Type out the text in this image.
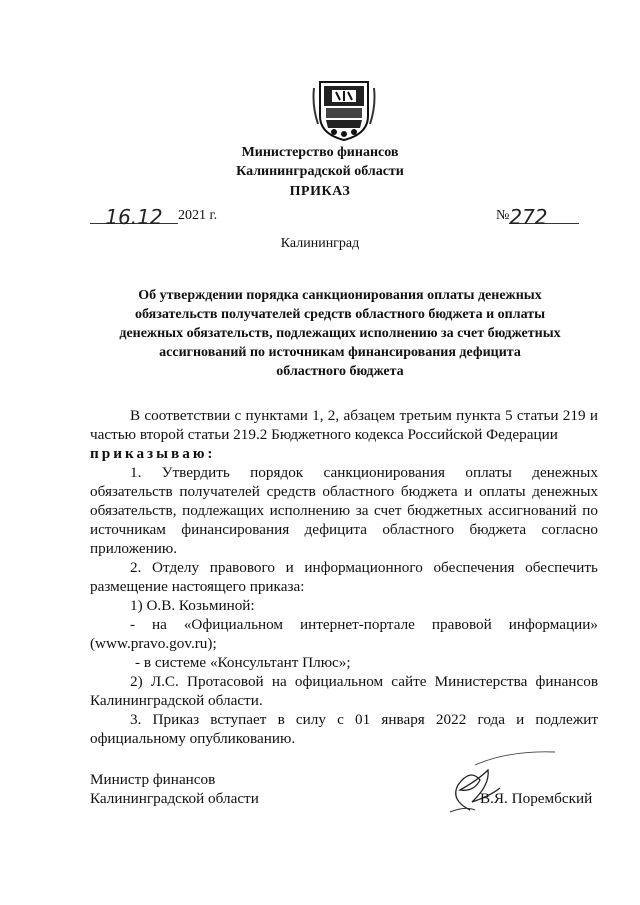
Министерство финансов
Калининградской области
ПРИКАЗ
16.12 2021 г.	№272
Калининград
Об утверждении порядка санкционирования оплаты денежных
обязательств получателей средств областного бюджета и оплаты
денежных обязательств, подлежащих исполнению за счет бюджетных
ассигнований по источникам финансирования дефицита
областного бюджета

В соответствии с пунктами 1, 2, абзацем третьим пункта 5 статьи 219 и частью второй статьи 219.2 Бюджетного кодекса Российской Федерации
приказываю:

1. Утвердить порядок санкционирования оплаты денежных обязательств получателей средств областного бюджета и оплаты денежных обязательств, подлежащих исполнению за счет бюджетных ассигнований по источникам финансирования дефицита областного бюджета согласно приложению.

2. Отделу правового и информационного обеспечения обеспечить размещение настоящего приказа:

1) О.В. Козьминой:

- на «Официальном интернет-портале правовой информации» (www.pravo.gov.ru);

- в системе «Консультант Плюс»;

2) Л.С. Протасовой на официальном сайте Министерства финансов Калининградской области.

3. Приказ вступает в силу с 01 января 2022 года и подлежит официальному опубликованию.

Министр финансов
Калининградской области	В.Я. Порембский
